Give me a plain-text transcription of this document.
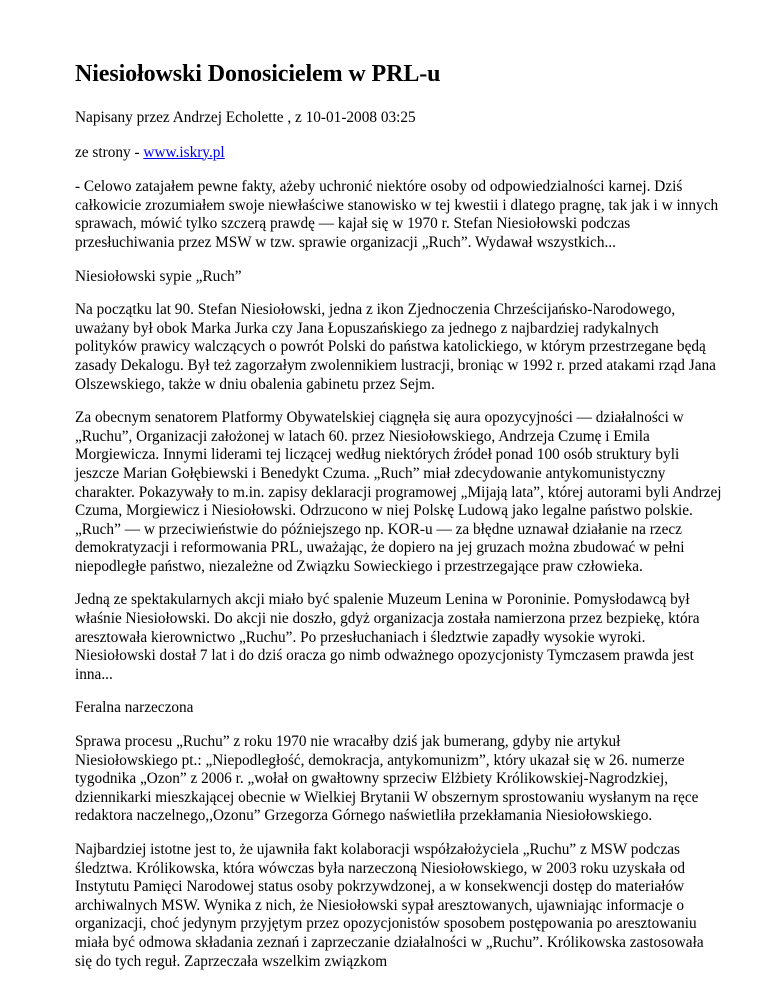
Niesiołowski Donosicielem w PRL-u

Napisany przez Andrzej Echolette , z 10-01-2008 03:25

ze strony - www.iskry.pl

- Celowo zatajałem pewne fakty, ażeby uchronić niektóre osoby od odpowiedzialności karnej. Dziś całkowicie zrozumiałem swoje niewłaściwe stanowisko w tej kwestii i dlatego pragnę, tak jak i w innych sprawach, mówić tylko szczerą prawdę — kajał się w 1970 r. Stefan Niesiołowski podczas przesłuchiwania przez MSW w tzw. sprawie organizacji „Ruch”. Wydawał wszystkich...

Niesiołowski sypie „Ruch”

Na początku lat 90. Stefan Niesiołowski, jedna z ikon Zjednoczenia Chrześcijańsko-Narodowego, uważany był obok Marka Jurka czy Jana Łopuszańskiego za jednego z najbardziej radykalnych polityków prawicy walczących o powrót Polski do państwa katolickiego, w którym przestrzegane będą zasady Dekalogu. Był też zagorzałym zwolennikiem lustracji, broniąc w 1992 r. przed atakami rząd Jana Olszewskiego, także w dniu obalenia gabinetu przez Sejm.

Za obecnym senatorem Platformy Obywatelskiej ciągnęła się aura opozycyjności — działalności w „Ruchu”, Organizacji założonej w latach 60. przez Niesiołowskiego, Andrzeja Czumę i Emila Morgiewicza. Innymi liderami tej liczącej według niektórych źródeł ponad 100 osób struktury byli jeszcze Marian Gołębiewski i Benedykt Czuma. „Ruch” miał zdecydowanie antykomunistyczny charakter. Pokazywały to m.in. zapisy deklaracji programowej „Mijają lata”, której autorami byli Andrzej Czuma, Morgiewicz i Niesiołowski. Odrzucono w niej Polskę Ludową jako legalne państwo polskie. „Ruch” — w przeciwieństwie do późniejszego np. KOR-u — za błędne uznawał działanie na rzecz demokratyzacji i reformowania PRL, uważając, że dopiero na jej gruzach można zbudować w pełni niepodległe państwo, niezależne od Związku Sowieckiego i przestrzegające praw człowieka.

Jedną ze spektakularnych akcji miało być spalenie Muzeum Lenina w Poroninie. Pomysłodawcą był właśnie Niesiołowski. Do akcji nie doszło, gdyż organizacja została namierzona przez bezpiekę, która aresztowała kierownictwo „Ruchu”. Po przesłuchaniach i śledztwie zapadły wysokie wyroki. Niesiołowski dostał 7 lat i do dziś oracza go nimb odważnego opozycjonisty Tymczasem prawda jest inna...

Feralna narzeczona

Sprawa procesu „Ruchu” z roku 1970 nie wracałby dziś jak bumerang, gdyby nie artykuł Niesiołowskiego pt.: „Niepodległość, demokracja, antykomunizm”, który ukazał się w 26. numerze tygodnika „Ozon” z 2006 r. „wołał on gwałtowny sprzeciw Elżbiety Królikowskiej-Nagrodzkiej, dziennikarki mieszkającej obecnie w Wielkiej Brytanii W obszernym sprostowaniu wysłanym na ręce redaktora naczelnego,,Ozonu” Grzegorza Górnego naświetliła przekłamania Niesiołowskiego.

Najbardziej istotne jest to, że ujawniła fakt kolaboracji współzałożyciela „Ruchu” z MSW podczas śledztwa. Królikowska, która wówczas była narzeczoną Niesiołowskiego, w 2003 roku uzyskała od Instytutu Pamięci Narodowej status osoby pokrzywdzonej, a w konsekwencji dostęp do materiałów archiwalnych MSW. Wynika z nich, że Niesiołowski sypał aresztowanych, ujawniając informacje o organizacji, choć jedynym przyjętym przez opozycjonistów sposobem postępowania po aresztowaniu miała być odmowa składania zeznań i zaprzeczanie działalności w „Ruchu”. Królikowska zastosowała się do tych reguł. Zaprzeczała wszelkim związkom
